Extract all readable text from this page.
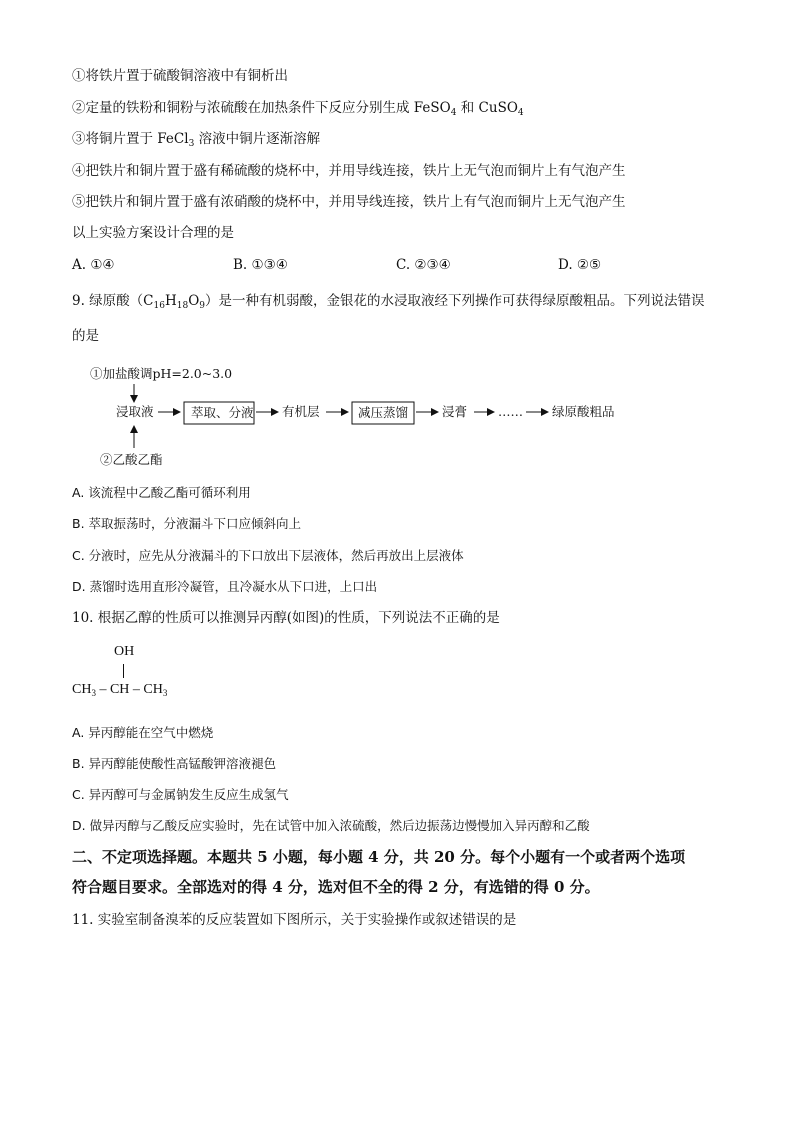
①将铁片置于硫酸铜溶液中有铜析出
②定量的铁粉和铜粉与浓硫酸在加热条件下反应分别生成 FeSO$_4$ 和 CuSO$_4$
③将铜片置于 FeCl$_3$ 溶液中铜片逐渐溶解
④把铁片和铜片置于盛有稀硫酸的烧杯中，并用导线连接，铁片上无气泡而铜片上有气泡产生
⑤把铁片和铜片置于盛有浓硝酸的烧杯中，并用导线连接，铁片上有气泡而铜片上无气泡产生
以上实验方案设计合理的是
A. ①④	B. ①③④	C. ②③④	D. ②⑤
9. 绿原酸$(C_{16}H_{18}O_9)$是一种有机弱酸，金银花的水浸取液经下列操作可获得绿原酸粗品。下列说法错误
的是
①加盐酸调pH=2.0~3.0
浸取液	萃取、分液 有机层	减压蒸馏	浸膏 …… 绿原酸粗品
②乙酸乙酯
A. 该流程中乙酸乙酯可循环利用
B. 萃取振荡时，分液漏斗下口应倾斜向上
C. 分液时，应先从分液漏斗的下口放出下层液体，然后再放出上层液体
D. 蒸馏时选用直形冷凝管，且冷凝水从下口进，上口出
10. 根据乙醇的性质可以推测异丙醇(如图)的性质，下列说法不正确的是
OH
$CH_3$ – CH – $CH_3$
A. 异丙醇能在空气中燃烧
B. 异丙醇能使酸性高锰酸钾溶液褪色
C. 异丙醇可与金属钠发生反应生成氢气
D. 做异丙醇与乙酸反应实验时，先在试管中加入浓硫酸，然后边振荡边慢慢加入异丙醇和乙酸
二、不定项选择题。本题共 5 小题，每小题 4 分，共 20 分。每个小题有一个或者两个选项
符合题目要求。全部选对的得 4 分，选对但不全的得 2 分，有选错的得 0 分。
11. 实验室制备溴苯的反应装置如下图所示，关于实验操作或叙述错误的是
